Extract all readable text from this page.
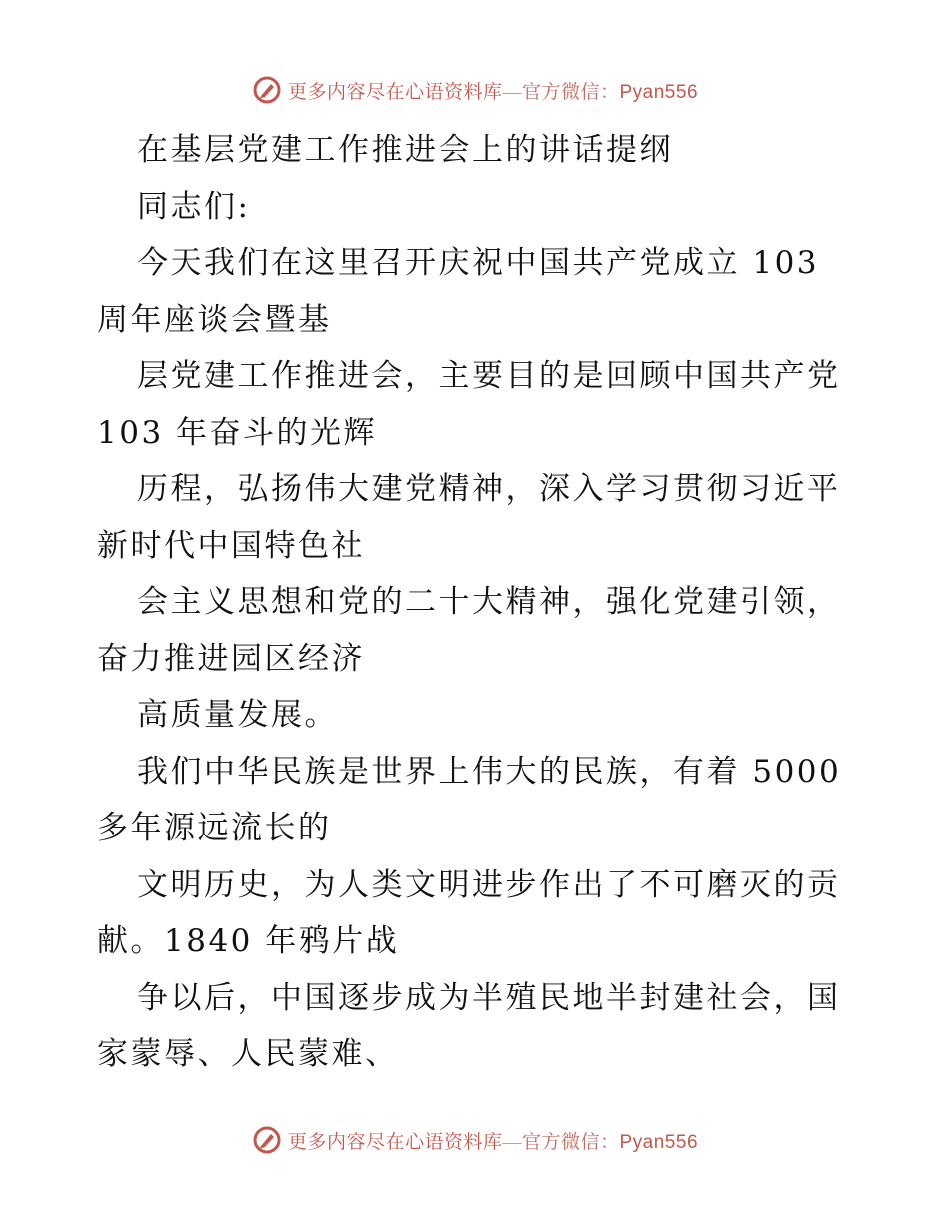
更多内容尽在心语资料库—官方微信：Pyan556
在基层党建工作推进会上的讲话提纲
同志们:
今天我们在这里召开庆祝中国共产党成立 103
周年座谈会暨基
层党建工作推进会，主要目的是回顾中国共产党
103 年奋斗的光辉
历程，弘扬伟大建党精神，深入学习贯彻习近平
新时代中国特色社
会主义思想和党的二十大精神，强化党建引领，
奋力推进园区经济
高质量发展。
我们中华民族是世界上伟大的民族，有着 5000
多年源远流长的
文明历史，为人类文明进步作出了不可磨灭的贡
献。1840 年鸦片战
争以后，中国逐步成为半殖民地半封建社会，国
家蒙辱、人民蒙难、
更多内容尽在心语资料库—官方微信：Pyan556
